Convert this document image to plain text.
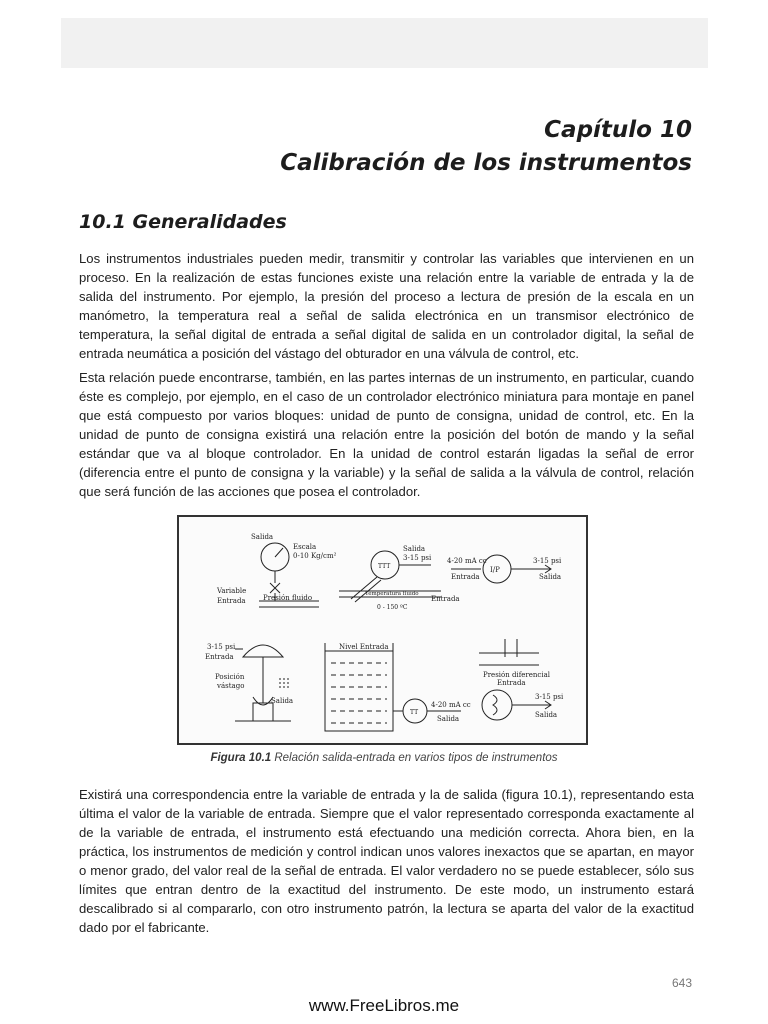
Capítulo 10
Calibración de los instrumentos
10.1 Generalidades

Los instrumentos industriales pueden medir, transmitir y controlar las variables que intervienen en un proceso. En la realización de estas funciones existe una relación entre la variable de entrada y la de salida del instrumento. Por ejemplo, la presión del proceso a lectura de presión de la escala en un manómetro, la temperatura real a señal de salida electrónica en un transmisor electrónico de temperatura, la señal digital de entrada a señal digital de salida en un controlador digital, la señal de entrada neumática a posición del vástago del obturador en una válvula de control, etc.

Esta relación puede encontrarse, también, en las partes internas de un instrumento, en particular, cuando éste es complejo, por ejemplo, en el caso de un controlador electrónico miniatura para montaje en panel que está compuesto por varios bloques: unidad de punto de consigna, unidad de control, etc. En la unidad de punto de consigna existirá una relación entre la posición del botón de mando y la señal estándar que va al bloque controlador. En la unidad de control estarán ligadas la señal de error (diferencia entre el punto de consigna y la variable) y la señal de salida a la válvula de control, relación que será función de las acciones que posea el controlador.

Salida
Escala
0-10 Kg/cm²
Variable
Entrada Presión fluido
TTT
Salida
3-15 psi
Temperatura fluido
0 - 150 ºC
Entrada
4-20 mA cc
Entrada
I/P
3-15 psi
Salida
3-15 psi
Entrada
Posición
vástago
Salida
Nivel Entrada
TT
4-20 mA cc
Salida
Presión diferencial
Entrada
3-15 psi
Salida
Figura 10.1 Relación salida-entrada en varios tipos de instrumentos

Existirá una correspondencia entre la variable de entrada y la de salida (figura 10.1), representando esta última el valor de la variable de entrada. Siempre que el valor representado corresponda exactamente al de la variable de entrada, el instrumento está efectuando una medición correcta. Ahora bien, en la práctica, los instrumentos de medición y control indican unos valores inexactos que se apartan, en mayor o menor grado, del valor real de la señal de entrada. El valor verdadero no se puede establecer, sólo sus límites que entran dentro de la exactitud del instrumento. De este modo, un instrumento estará descalibrado si al compararlo, con otro instrumento patrón, la lectura se aparta del valor de la exactitud dado por el fabricante.

643
www.FreeLibros.me
